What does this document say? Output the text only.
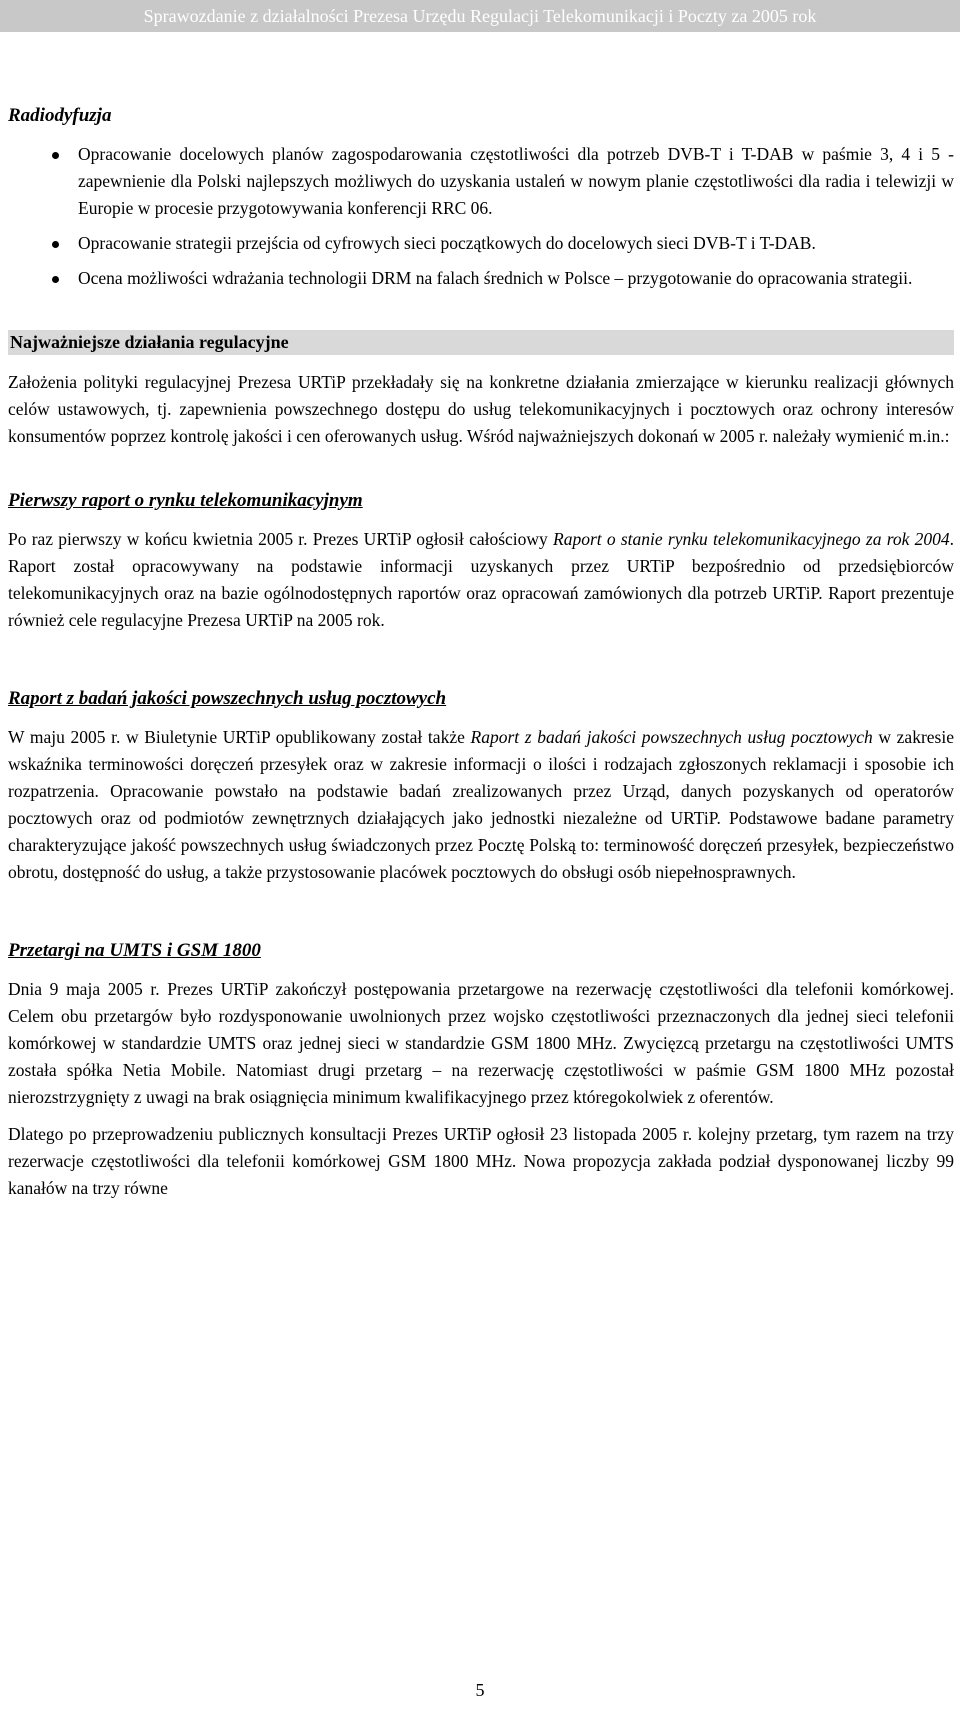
Sprawozdanie z działalności Prezesa Urzędu Regulacji Telekomunikacji i Poczty za 2005 rok
Radiodyfuzja
Opracowanie docelowych planów zagospodarowania częstotliwości dla potrzeb DVB-T i T-DAB w paśmie 3, 4 i 5 - zapewnienie dla Polski najlepszych możliwych do uzyskania ustaleń w nowym planie częstotliwości dla radia i telewizji w Europie w procesie przygotowywania konferencji RRC 06.
Opracowanie strategii przejścia od cyfrowych sieci początkowych do docelowych sieci DVB-T i T-DAB.
Ocena możliwości wdrażania technologii DRM na falach średnich w Polsce – przygotowanie do opracowania strategii.
Najważniejsze działania regulacyjne

Założenia polityki regulacyjnej Prezesa URTiP przekładały się na konkretne działania zmierzające w kierunku realizacji głównych celów ustawowych, tj. zapewnienia powszechnego dostępu do usług telekomunikacyjnych i pocztowych oraz ochrony interesów konsumentów poprzez kontrolę jakości i cen oferowanych usług. Wśród najważniejszych dokonań w 2005 r. należały wymienić m.in.:

Pierwszy raport o rynku telekomunikacyjnym

Po raz pierwszy w końcu kwietnia 2005 r. Prezes URTiP ogłosił całościowy Raport o stanie rynku telekomunikacyjnego za rok 2004. Raport został opracowywany na podstawie informacji uzyskanych przez URTiP bezpośrednio od przedsiębiorców telekomunikacyjnych oraz na bazie ogólnodostępnych raportów oraz opracowań zamówionych dla potrzeb URTiP. Raport prezentuje również cele regulacyjne Prezesa URTiP na 2005 rok.

Raport z badań jakości powszechnych usług pocztowych

W maju 2005 r. w Biuletynie URTiP opublikowany został także Raport z badań jakości powszechnych usług pocztowych w zakresie wskaźnika terminowości doręczeń przesyłek oraz w zakresie informacji o ilości i rodzajach zgłoszonych reklamacji i sposobie ich rozpatrzenia. Opracowanie powstało na podstawie badań zrealizowanych przez Urząd, danych pozyskanych od operatorów pocztowych oraz od podmiotów zewnętrznych działających jako jednostki niezależne od URTiP. Podstawowe badane parametry charakteryzujące jakość powszechnych usług świadczonych przez Pocztę Polską to: terminowość doręczeń przesyłek, bezpieczeństwo obrotu, dostępność do usług, a także przystosowanie placówek pocztowych do obsługi osób niepełnosprawnych.

Przetargi na UMTS i GSM 1800

Dnia 9 maja 2005 r. Prezes URTiP zakończył postępowania przetargowe na rezerwację częstotliwości dla telefonii komórkowej. Celem obu przetargów było rozdysponowanie uwolnionych przez wojsko częstotliwości przeznaczonych dla jednej sieci telefonii komórkowej w standardzie UMTS oraz jednej sieci w standardzie GSM 1800 MHz. Zwycięzcą przetargu na częstotliwości UMTS została spółka Netia Mobile. Natomiast drugi przetarg – na rezerwację częstotliwości w paśmie GSM 1800 MHz pozostał nierozstrzygnięty z uwagi na brak osiągnięcia minimum kwalifikacyjnego przez któregokolwiek z oferentów.

Dlatego po przeprowadzeniu publicznych konsultacji Prezes URTiP ogłosił 23 listopada 2005 r. kolejny przetarg, tym razem na trzy rezerwacje częstotliwości dla telefonii komórkowej GSM 1800 MHz. Nowa propozycja zakłada podział dysponowanej liczby 99 kanałów na trzy równe

5
